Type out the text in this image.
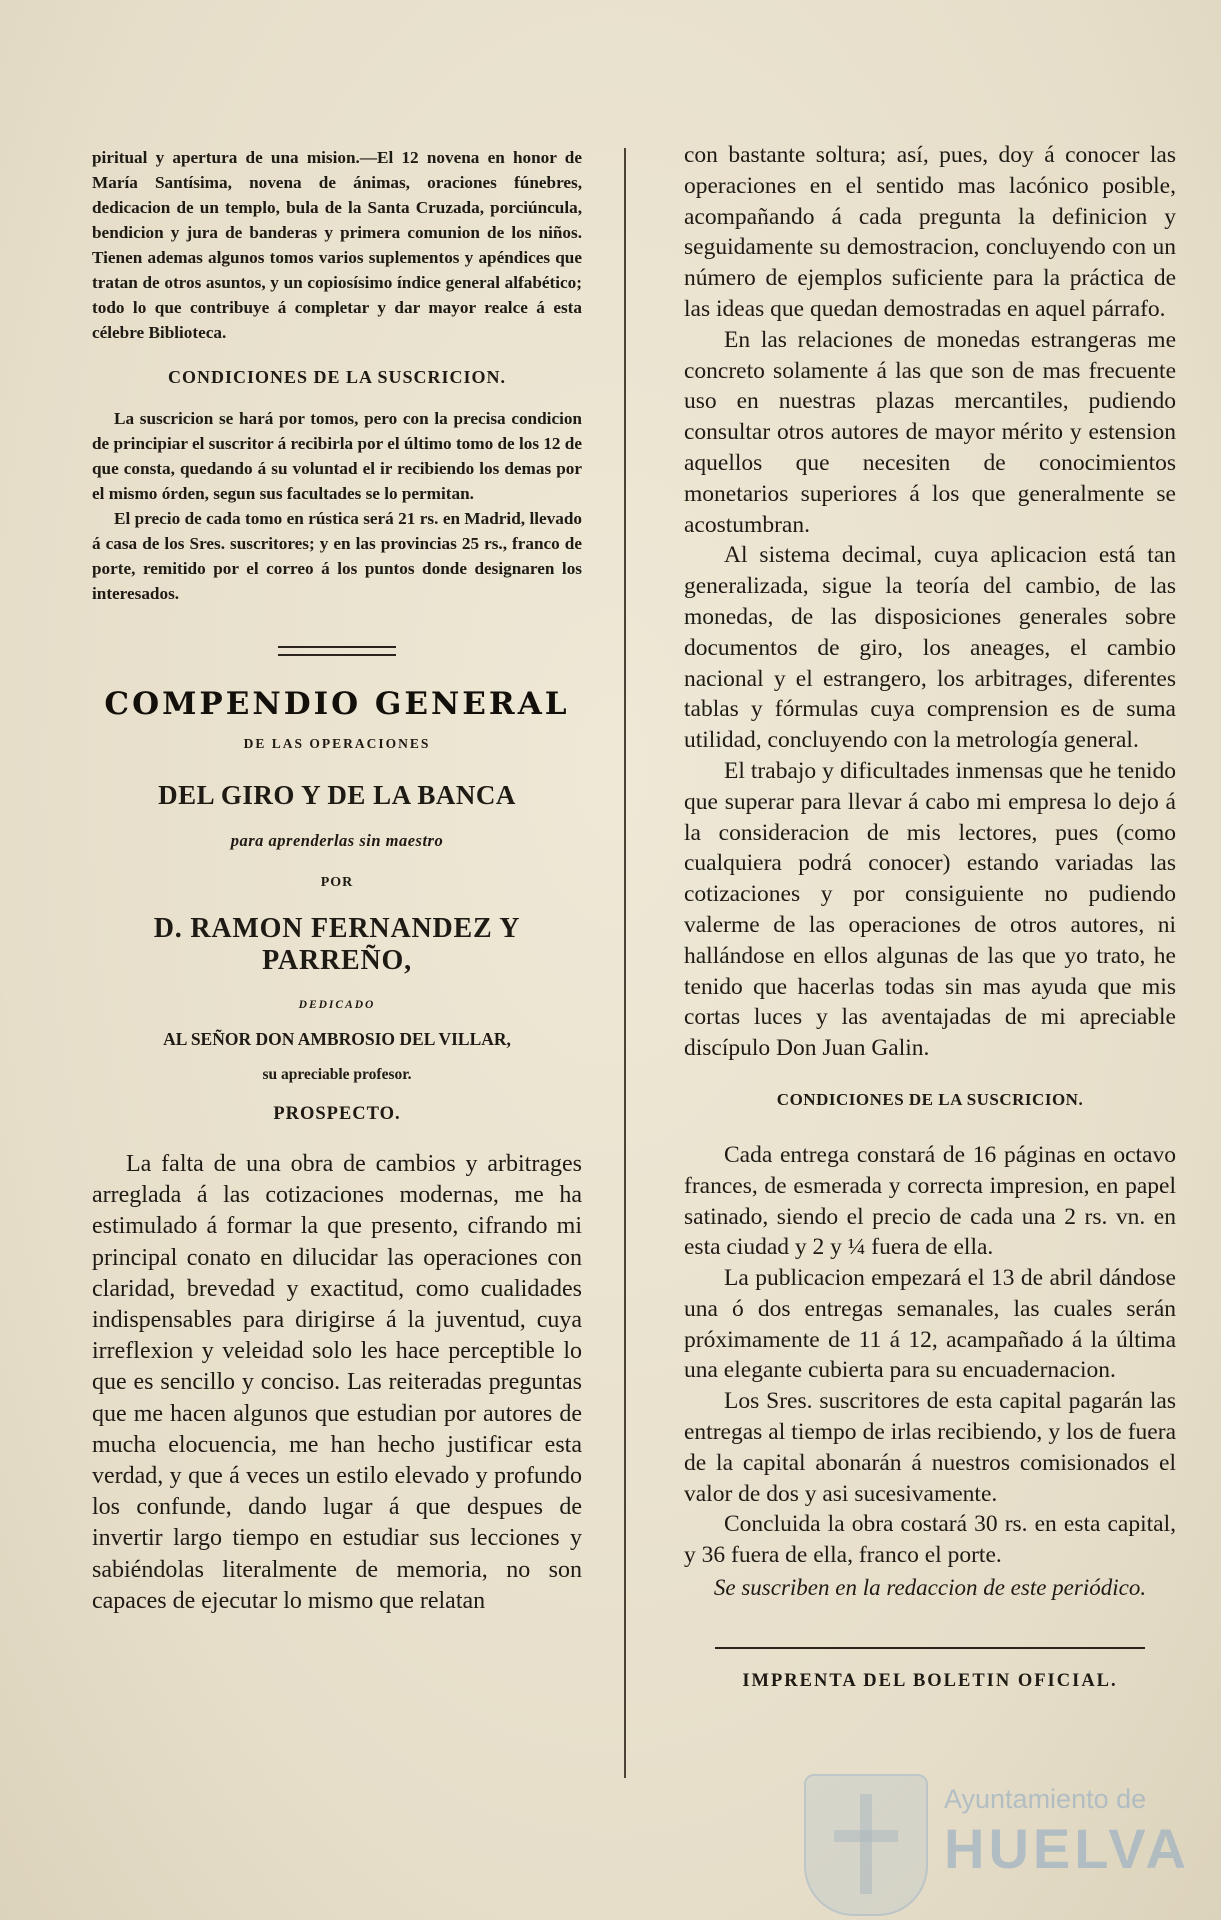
piritual y apertura de una mision.—El 12 novena en honor de María Santísima, novena de ánimas, oraciones fúnebres, dedicacion de un templo, bula de la Santa Cruzada, porciúncula, bendicion y jura de banderas y primera comunion de los niños. Tienen ademas algunos tomos varios suplementos y apéndices que tratan de otros asuntos, y un copiosísimo índice general alfabético; todo lo que contribuye á completar y dar mayor realce á esta célebre Biblioteca.

CONDICIONES DE LA SUSCRICION.

La suscricion se hará por tomos, pero con la precisa condicion de principiar el suscritor á recibirla por el último tomo de los 12 de que consta, quedando á su voluntad el ir recibiendo los demas por el mismo órden, segun sus facultades se lo permitan.

El precio de cada tomo en rústica será 21 rs. en Madrid, llevado á casa de los Sres. suscritores; y en las provincias 25 rs., franco de porte, remitido por el correo á los puntos donde designaren los interesados.

COMPENDIO GENERAL
DE LAS OPERACIONES
DEL GIRO Y DE LA BANCA
para aprenderlas sin maestro
POR
D. RAMON FERNANDEZ Y PARREÑO,
DEDICADO
AL SEÑOR DON AMBROSIO DEL VILLAR,
su apreciable profesor.
PROSPECTO.

La falta de una obra de cambios y arbitrages arreglada á las cotizaciones modernas, me ha estimulado á formar la que presento, cifrando mi principal conato en dilucidar las operaciones con claridad, brevedad y exactitud, como cualidades indispensables para dirigirse á la juventud, cuya irreflexion y veleidad solo les hace perceptible lo que es sencillo y conciso. Las reiteradas preguntas que me hacen algunos que estudian por autores de mucha elocuencia, me han hecho justificar esta verdad, y que á veces un estilo elevado y profundo los confunde, dando lugar á que despues de invertir largo tiempo en estudiar sus lecciones y sabiéndolas literalmente de memoria, no son capaces de ejecutar lo mismo que relatan

con bastante soltura; así, pues, doy á conocer las operaciones en el sentido mas lacónico posible, acompañando á cada pregunta la definicion y seguidamente su demostracion, concluyendo con un número de ejemplos suficiente para la práctica de las ideas que quedan demostradas en aquel párrafo.

En las relaciones de monedas estrangeras me concreto solamente á las que son de mas frecuente uso en nuestras plazas mercantiles, pudiendo consultar otros autores de mayor mérito y estension aquellos que necesiten de conocimientos monetarios superiores á los que generalmente se acostumbran.

Al sistema decimal, cuya aplicacion está tan generalizada, sigue la teoría del cambio, de las monedas, de las disposiciones generales sobre documentos de giro, los aneages, el cambio nacional y el estrangero, los arbitrages, diferentes tablas y fórmulas cuya comprension es de suma utilidad, concluyendo con la metrología general.

El trabajo y dificultades inmensas que he tenido que superar para llevar á cabo mi empresa lo dejo á la consideracion de mis lectores, pues (como cualquiera podrá conocer) estando variadas las cotizaciones y por consiguiente no pudiendo valerme de las operaciones de otros autores, ni hallándose en ellos algunas de las que yo trato, he tenido que hacerlas todas sin mas ayuda que mis cortas luces y las aventajadas de mi apreciable discípulo Don Juan Galin.

CONDICIONES DE LA SUSCRICION.

Cada entrega constará de 16 páginas en octavo frances, de esmerada y correcta impresion, en papel satinado, siendo el precio de cada una 2 rs. vn. en esta ciudad y 2 y ¼ fuera de ella.

La publicacion empezará el 13 de abril dándose una ó dos entregas semanales, las cuales serán próximamente de 11 á 12, acampañado á la última una elegante cubierta para su encuadernacion.

Los Sres. suscritores de esta capital pagarán las entregas al tiempo de irlas recibiendo, y los de fuera de la capital abonarán á nuestros comisionados el valor de dos y asi sucesivamente.

Concluida la obra costará 30 rs. en esta capital, y 36 fuera de ella, franco el porte.

Se suscriben en la redaccion de este periódico.
IMPRENTA DEL BOLETIN OFICIAL.
Ayuntamiento de
HUELVA
